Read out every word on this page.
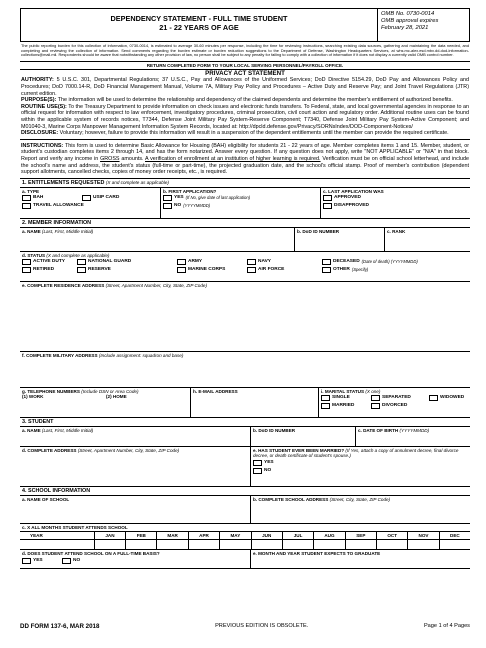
DEPENDENCY STATEMENT - FULL TIME STUDENT
21 - 22 YEARS OF AGE
OMB No. 0730-0014
OMB approval expires
February 28, 2021
The public reporting burden for this collection of information, 0730-0014, is estimated to average 30-60 minutes per response, including the time for reviewing instructions, searching existing data sources, gathering and maintaining the data needed, and completing and reviewing the collection of information. Send comments regarding the burden estimate or burden reduction suggestions to the Department of Defense, Washington Headquarters Services, at whs.mc-alex.esd.mbx.dd-dod-information-collections@mail.mil. Respondents should be aware that notwithstanding any other provision of law, no person shall be subject to any penalty for failing to comply with a collection of information if it does not display a currently valid OMB control number.
RETURN COMPLETED FORM TO YOUR LOCAL SERVING PERSONNEL/PAYROLL OFFICE.
PRIVACY ACT STATEMENT
AUTHORITY: 5 U.S.C. 301, Departmental Regulations; 37 U.S.C., Pay and Allowances of the Uniformed Services; DoD Directive 5154.29, DoD Pay and Allowances Policy and Procedures; DoD 7000.14-R, DoD Financial Management Manual, Volume 7A, Military Pay Policy and Procedures – Active Duty and Reserve Pay; and Joint Travel Regulations (JTR) current edition.
PURPOSE(S): The information will be used to determine the relationship and dependency of the claimed dependents and determine the member's entitlement of authorized benefits.
ROUTINE USE(S): To the Treasury Department to provide information on check issues and electronic funds transfers. To Federal, state, and local governmental agencies in response to an official request for information with respect to law enforcement, investigatory procedures, criminal prosecution, civil court action and regulatory order. Additional routine uses can be found within the applicable system of records notices, T7344, Defense Joint Military Pay System-Reserve Component; T7340, Defense Joint Military Pay System-Active Component; and M01040-3, Marine Corps Manpower Management Information System Records, located at: http://dpcld.defense.gov/Privacy/SORNsIndex/DOD-Component-Notices/
DISCLOSURE: Voluntary; however, failure to provide this information will result in a suspension of the dependent entitlements until the member can provide the required certificate.
INSTRUCTIONS: This form is used to determine Basic Allowance for Housing (BAH) eligibility for students 21 - 22 years of age. Member completes items 1 and 15. Member, student, or student's custodian completes items 2 through 14, and has the form notarized. Answer every question. If any question does not apply, write "NOT APPLICABLE" or "N/A" in that block. Report and verify any income in GROSS amounts. A verification of enrollment at an institution of higher learning is required. Verification must be on official school letterhead, and include the school's name and address, the student's status (full-time or part-time), the projected graduation date, and the school's official stamp. Proof of member's contribution (dependent support allotments, cancelled checks, copies of money order receipts, etc., is required.
1. ENTITLEMENTS REQUESTED (X and complete as applicable)
a. TYPE
BAH	USIP CARD
TRAVEL ALLOWANCE
b. FIRST APPLICATION?
YES (If No, give date of last application)
NO (YYYYMMDD)
c. LAST APPLICATION WAS
APPROVED
DISAPPROVED
2. MEMBER INFORMATION
a. NAME (Last, First, Middle Initial)	b. DoD ID NUMBER	c. RANK
d. STATUS (X and complete as applicable)
ACTIVE DUTY
RETIRED
NATIONAL GUARD
RESERVE
ARMY
MARINE CORPS
NAVY
AIR FORCE
DECEASED (Date of death) (YYYYMMDD)
OTHER (Specify)
e. COMPLETE RESIDENCE ADDRESS (Street, Apartment Number, City, State, ZIP Code)
f. COMPLETE MILITARY ADDRESS (Include assignment: squadron and base)
g. TELEPHONE NUMBERS (Include DSN or Area Code)
(1) WORK	(2) HOME
h. E-MAIL ADDRESS	i. MARITAL STATUS (X one)
SINGLE	SEPARATED	WIDOWED
MARRIED	DIVORCED
3. STUDENT
a. NAME (Last, First, Middle Initial)	b. DoD ID NUMBER	c. DATE OF BIRTH (YYYYMMDD)
d. COMPLETE ADDRESS (Street, Apartment Number, City, State, ZIP Code)	e. HAS STUDENT EVER BEEN MARRIED? (If Yes, attach a copy of annulment decree, final divorce decree, or death certificate of student's spouse.)
YES
NO
4. SCHOOL INFORMATION
a. NAME OF SCHOOL	b. COMPLETE SCHOOL ADDRESS (Street, City, State, ZIP Code)
c. X ALL MONTHS STUDENT ATTENDS SCHOOL
YEAR	JAN	FEB	MAR	APR	MAY	JUN	JUL	AUG	SEP	OCT	NOV	DEC
d. DOES STUDENT ATTEND SCHOOL ON A FULL-TIME BASIS?
YES	NO
e. MONTH AND YEAR STUDENT EXPECTS TO GRADUATE
DD FORM 137-6, MAR 2018	PREVIOUS EDITION IS OBSOLETE.	Page 1 of 4 Pages
